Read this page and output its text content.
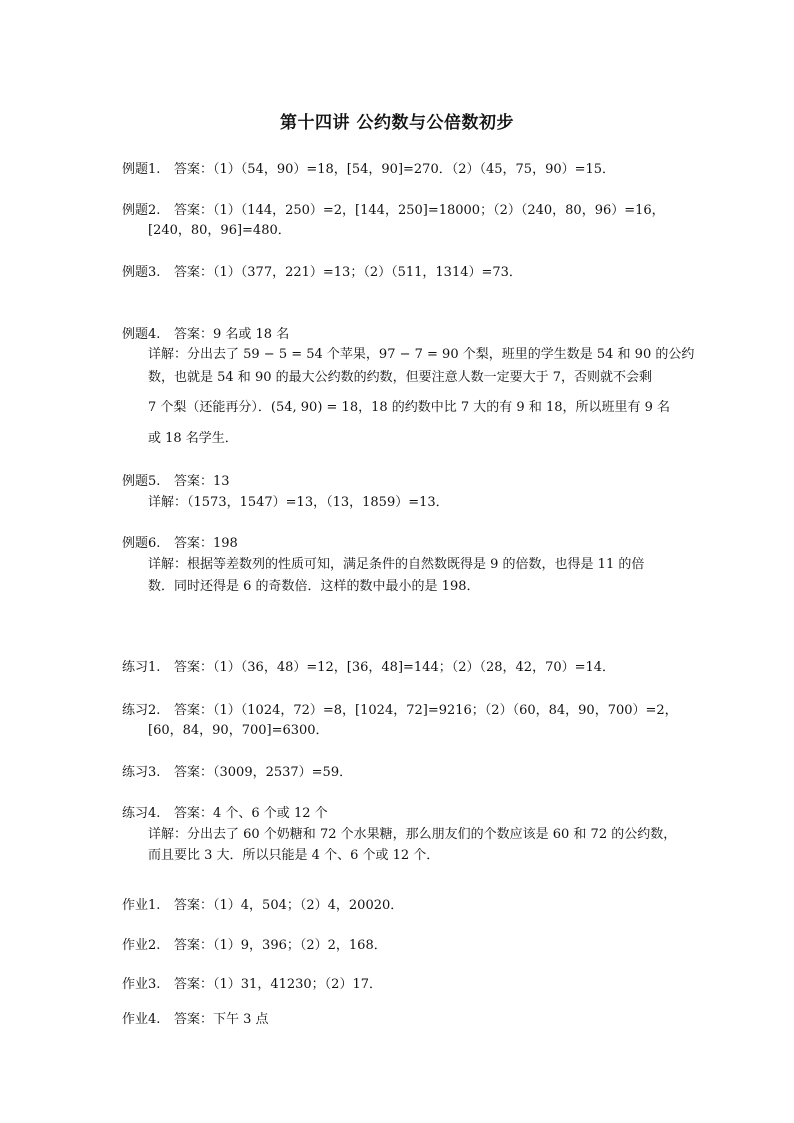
第十四讲 公约数与公倍数初步
例题1. 答案：（1）（54，90）=18，[54，90]=270．（2）（45，75，90）=15．
例题2. 答案：（1）（144，250）=2，[144，250]=18000；（2）（240，80，96）=16，
[240，80，96]=480．
例题3. 答案：（1）（377，221）=13；（2）（511，1314）=73．
例题4. 答案：9 名或 18 名
详解：分出去了 59 − 5 = 54 个苹果，97 − 7 = 90 个梨，班里的学生数是 54 和 90 的公约
数，也就是 54 和 90 的最大公约数的约数，但要注意人数一定要大于 7，否则就不会剩
7 个梨（还能再分）．(54, 90) = 18，18 的约数中比 7 大的有 9 和 18，所以班里有 9 名
或 18 名学生．
例题5. 答案：13
详解：（1573，1547）=13，（13，1859）=13．
例题6. 答案：198
详解：根据等差数列的性质可知，满足条件的自然数既得是 9 的倍数，也得是 11 的倍
数．同时还得是 6 的奇数倍．这样的数中最小的是 198．
练习1. 答案：（1）（36，48）=12，[36，48]=144；（2）（28，42，70）=14．
练习2. 答案：（1）（1024，72）=8，[1024，72]=9216；（2）（60，84，90，700）=2，
[60，84，90，700]=6300．
练习3. 答案：（3009，2537）=59．
练习4. 答案：4 个、6 个或 12 个
详解：分出去了 60 个奶糖和 72 个水果糖，那么朋友们的个数应该是 60 和 72 的公约数，
而且要比 3 大．所以只能是 4 个、6 个或 12 个．
作业1. 答案：（1）4，504；（2）4，20020．
作业2. 答案：（1）9，396；（2）2，168．
作业3. 答案：（1）31，41230；（2）17．
作业4. 答案：下午 3 点
